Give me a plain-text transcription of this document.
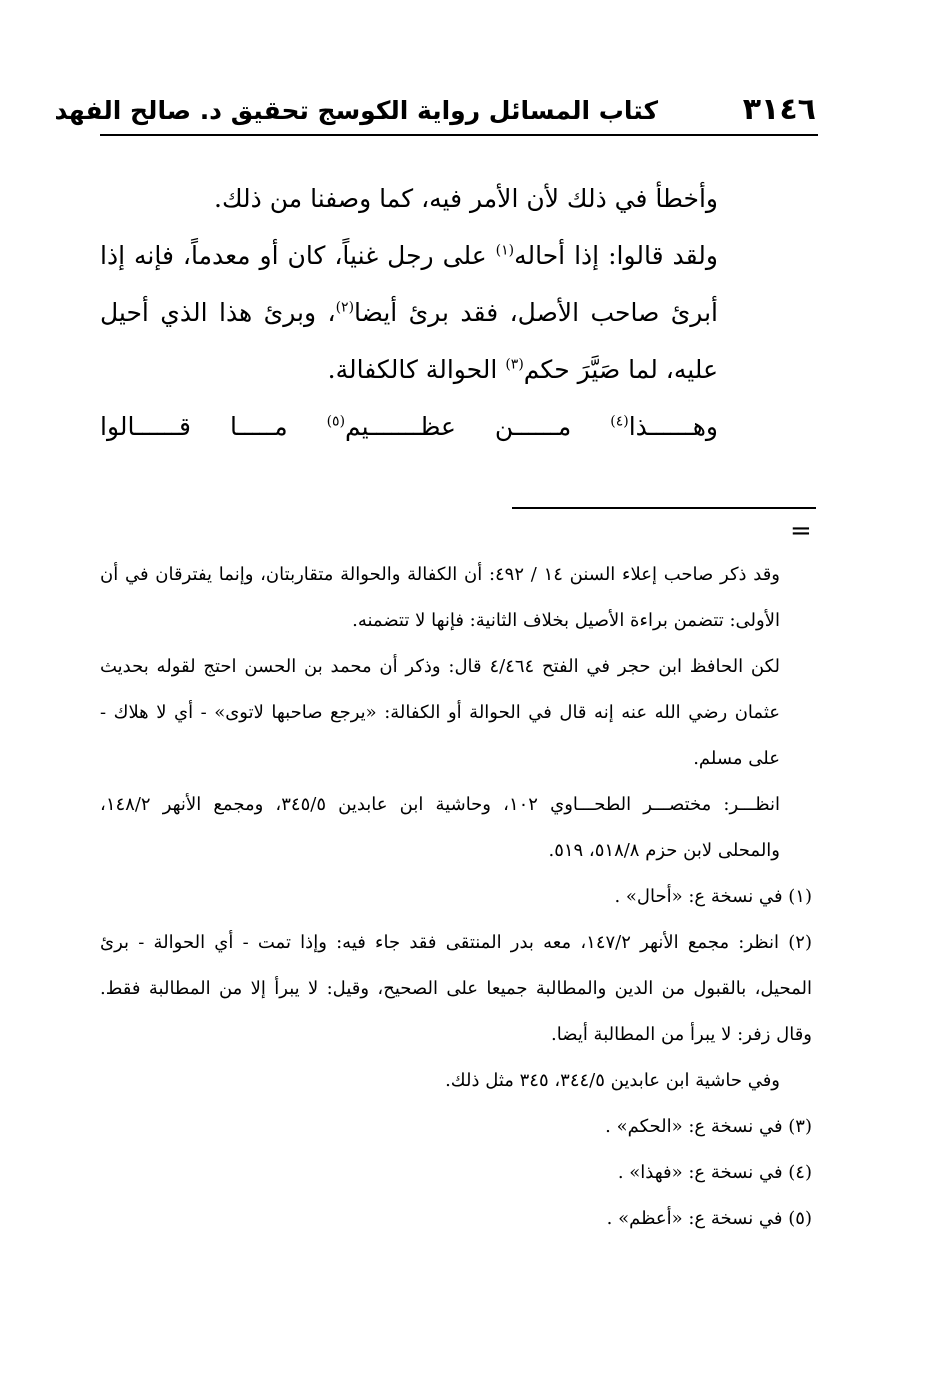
٣١٤٦
كتاب المسائل رواية الكوسج تحقيق د. صالح الفهد

وأخطأ في ذلك لأن الأمر فيه، كما وصفنا من ذلك.

ولقد قالوا: إذا أحاله$^{(١)}$ على رجل غنياً، كان أو معدماً، فإنه إذا أبرئ صاحب الأصل، فقد برئ أيضا$^{(٢)}$، وبرئ هذا الذي أحيل عليه، لما صَيَّرَ حكم$^{(٣)}$ الحوالة كالكفالة.

وهــــــذا$^{(٤)}$
مــــــن
عظـــــــيم$^{(٥)}$
مـــــا
قــــــالوا

=

وقد ذكر صاحب إعلاء السنن ١٤ / ٤٩٢: أن الكفالة والحوالة متقاربتان، وإنما يفترقان في أن الأولى: تتضمن براءة الأصيل بخلاف الثانية: فإنها لا تتضمنه.

لكن الحافظ ابن حجر في الفتح ٤/٤٦٤ قال: وذكر أن محمد بن الحسن احتج لقوله بحديث عثمان رضي الله عنه إنه قال في الحوالة أو الكفالة: «يرجع صاحبها لاتوى» - أي لا هلاك - على مسلم.

انظـــر: مختصـــر الطحـــاوي ١٠٢، وحاشية ابن عابدين ٣٤٥/٥، ومجمع الأنهر ١٤٨/٢، والمحلى لابن حزم ٥١٨/٨، ٥١٩.

(١) في نسخة ع: «أحال» .

(٢) انظر: مجمع الأنهر ١٤٧/٢، معه بدر المنتقى فقد جاء فيه: وإذا تمت - أي الحوالة - برئ المحيل، بالقبول من الدين والمطالبة جميعا على الصحيح، وقيل: لا يبرأ إلا من المطالبة فقط. وقال زفر: لا يبرأ من المطالبة أيضا.

وفي حاشية ابن عابدين ٣٤٤/٥، ٣٤٥ مثل ذلك.

(٣) في نسخة ع: «الحكم» .

(٤) في نسخة ع: «فهذا» .

(٥) في نسخة ع: «أعظم» .
